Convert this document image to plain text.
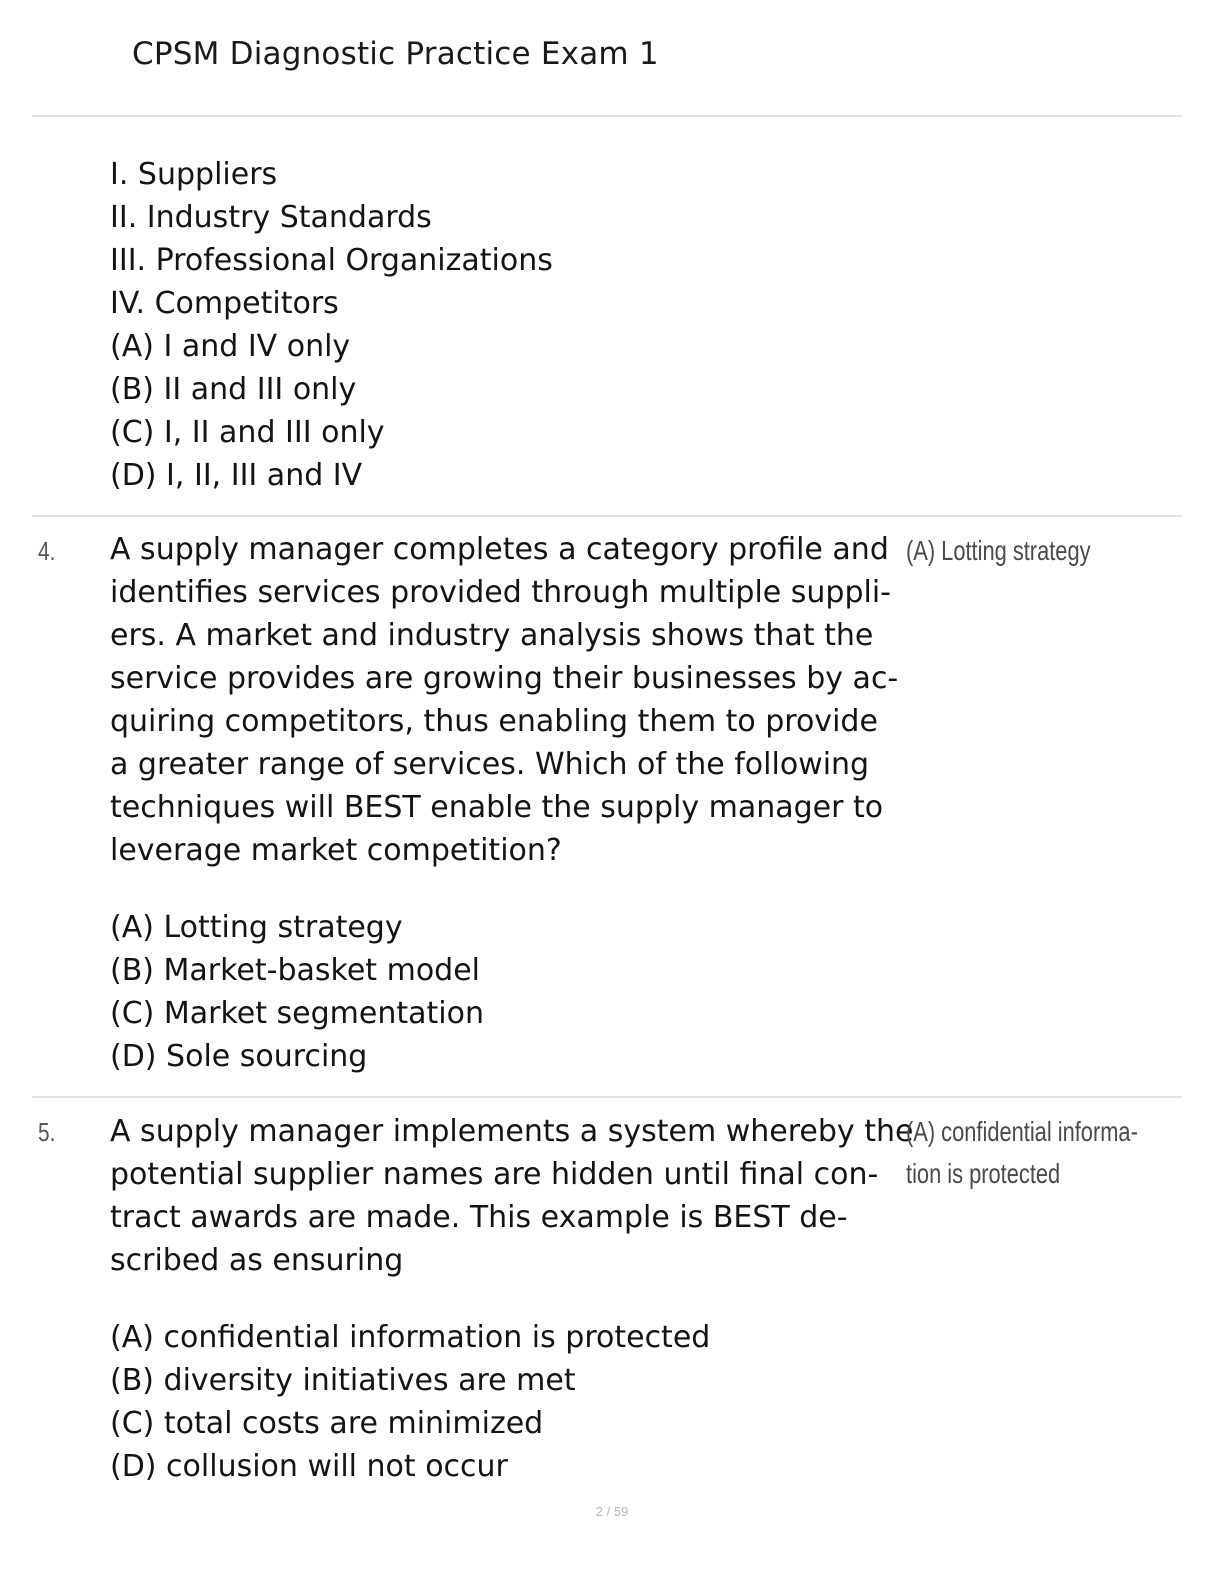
CPSM Diagnostic Practice Exam 1
I. Suppliers
II. Industry Standards
III. Professional Organizations
IV. Competitors
(A) I and IV only
(B) II and III only
(C) I, II and III only
(D) I, II, III and IV
4. A supply manager completes a category profile and
identifies services provided through multiple suppli-
ers. A market and industry analysis shows that the
service provides are growing their businesses by ac-
quiring competitors, thus enabling them to provide
a greater range of services. Which of the following
techniques will BEST enable the supply manager to
leverage market competition?
(A) Lotting strategy
(A) Lotting strategy
(B) Market-basket model
(C) Market segmentation
(D) Sole sourcing
5. A supply manager implements a system whereby the
potential supplier names are hidden until final con-
tract awards are made. This example is BEST de-
scribed as ensuring
(A) confidential informa-
tion is protected
(A) confidential information is protected
(B) diversity initiatives are met
(C) total costs are minimized
(D) collusion will not occur
2 / 59
